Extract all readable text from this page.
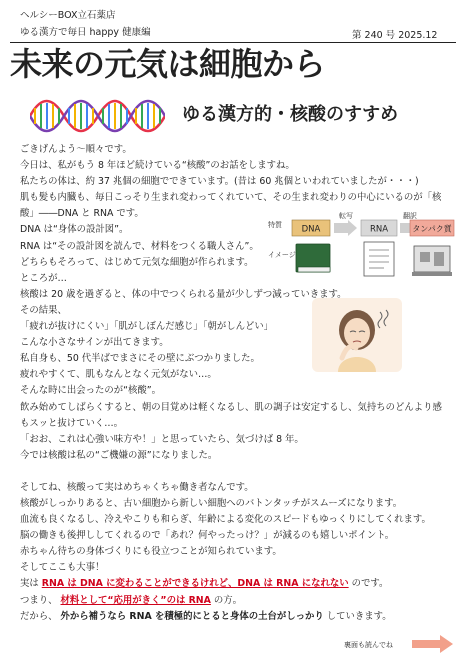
ヘルシーBOX立石薬店
ゆる漢方で毎日 happy 健康編	第 240 号 2025.12
未来の元気は細胞から
ゆる漢方的・核酸のすすめ
特質 DNA
転写
RNA
翻訳
タンパク質
イメージ

ごきげんよう～順々です。

今日は、私がもう 8 年ほど続けている“核酸”のお話をしますね。

私たちの体は、約 37 兆個の細胞でできています。(昔は 60 兆個といわれていましたが・・・)

肌も髪も内臓も、毎日こっそり生まれ変わってくれていて、その生まれ変わりの中心にいるのが「核酸」――DNA と RNA です。

DNA は“身体の設計図”。

RNA は“その設計図を読んで、材料をつくる職人さん”。

どちらもそろって、はじめて元気な細胞が作られます。

ところが…

核酸は 20 歳を過ぎると、体の中でつくられる量が少しずつ減っていきます。

その結果、

「疲れが抜けにくい」「肌がしぼんだ感じ」「朝がしんどい」

こんな小さなサインが出てきます。

私自身も、50 代半ばでまさにその壁にぶつかりました。

疲れやすくて、肌もなんとなく元気がない…。

そんな時に出会ったのが“核酸”。

飲み始めてしばらくすると、朝の目覚めは軽くなるし、肌の調子は安定するし、気持ちのどんより感もスッと抜けていく…。

「おお、これは心強い味方や！」と思っていたら、気づけば 8 年。

今では核酸は私の“ご機嫌の源”になりました。

そしてね、核酸って実はめちゃくちゃ働き者なんです。

核酸がしっかりあると、古い細胞から新しい細胞へのバトンタッチがスムーズになります。

血流も良くなるし、冷えやこりも和らぎ、年齢による変化のスピードもゆっくりにしてくれます。

脳の働きも後押ししてくれるので「あれ？何やったっけ？」が減るのも嬉しいポイント。

赤ちゃん待ちの身体づくりにも役立つことが知られています。

そしてここも大事！

実は RNA は DNA に変わることができるけれど、DNA は RNA になれない のです。

つまり、 材料として“応用がきく”のは RNA の方。

だから、 外から補うなら RNA を積極的にとると身体の土台がしっかり していきます。

裏面も読んでね
